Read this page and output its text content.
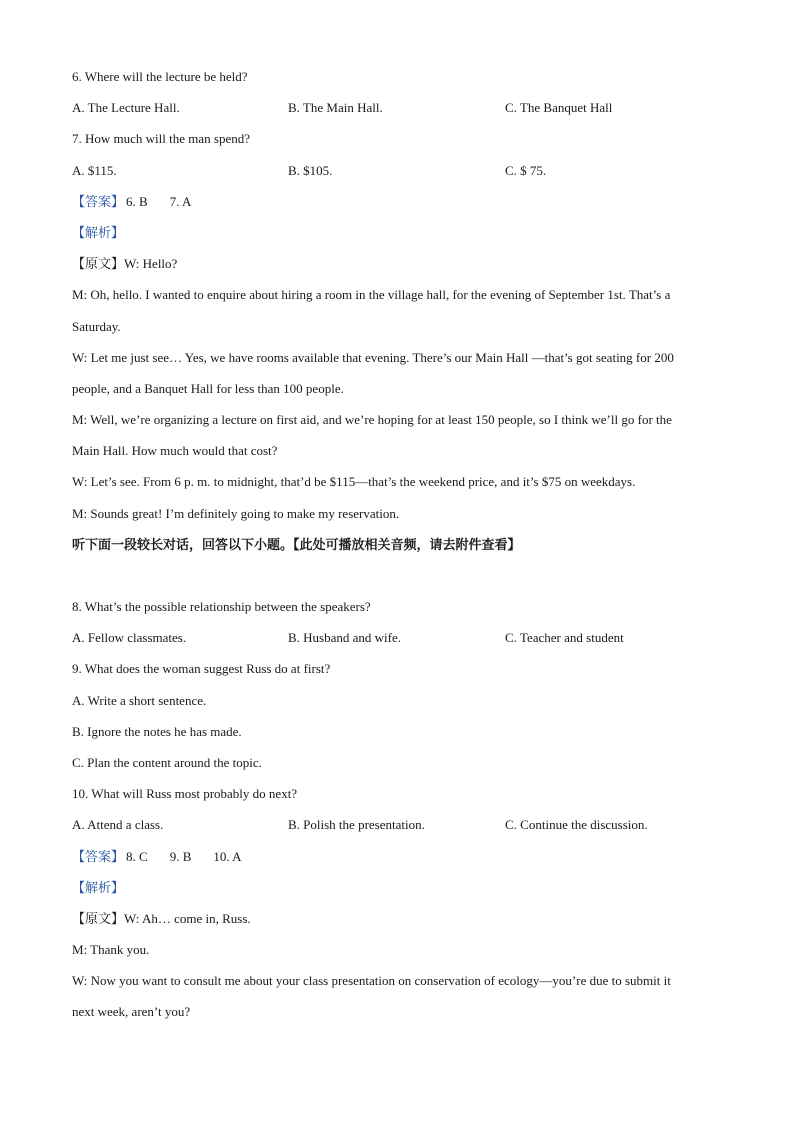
6. Where will the lecture be held?
A. The Lecture Hall.	B. The Main Hall.	C. The Banquet Hall
7. How much will the man spend?
A. $115.	B. $105.	C. $ 75.
【答案】 6. B 7. A
【解析】
【原文】W: Hello?
M: Oh, hello. I wanted to enquire about hiring a room in the village hall, for the evening of September 1st. That’s a
Saturday.
W: Let me just see… Yes, we have rooms available that evening. There’s our Main Hall —that’s got seating for 200
people, and a Banquet Hall for less than 100 people.
M: Well, we’re organizing a lecture on first aid, and we’re hoping for at least 150 people, so I think we’ll go for the
Main Hall. How much would that cost?
W: Let’s see. From 6 p. m. to midnight, that’d be $115—that’s the weekend price, and it’s $75 on weekdays.
M: Sounds great! I’m definitely going to make my reservation.
听下面一段较长对话，回答以下小题。【此处可播放相关音频，请去附件查看】
8. What’s the possible relationship between the speakers?
A. Fellow classmates.	B. Husband and wife.	C. Teacher and student
9. What does the woman suggest Russ do at first?
A. Write a short sentence.
B. Ignore the notes he has made.
C. Plan the content around the topic.
10. What will Russ most probably do next?
A. Attend a class.	B. Polish the presentation.	C. Continue the discussion.
【答案】 8. C 9. B 10. A
【解析】
【原文】W: Ah… come in, Russ.
M: Thank you.
W: Now you want to consult me about your class presentation on conservation of ecology—you’re due to submit it
next week, aren’t you?
